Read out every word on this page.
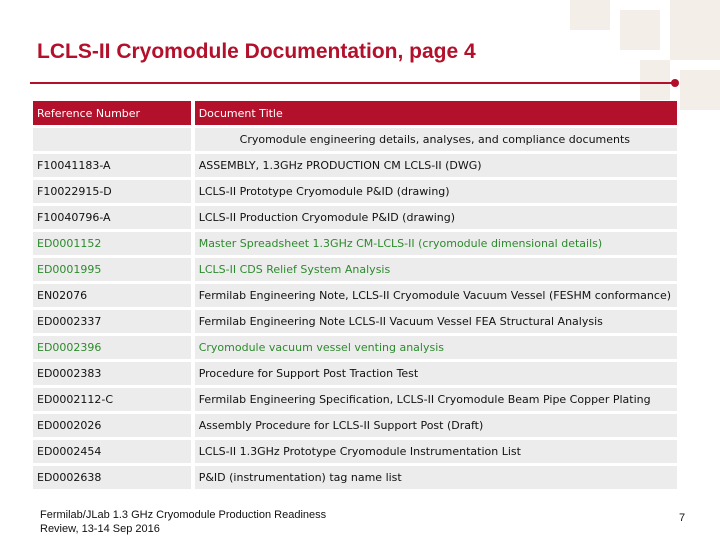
LCLS-II Cryomodule Documentation, page 4
Reference Number		Document Title
		Cryomodule engineering details, analyses, and compliance documents
F10041183-A		ASSEMBLY, 1.3GHz PRODUCTION CM LCLS-II (DWG)
F10022915-D		LCLS-II Prototype Cryomodule P&ID (drawing)
F10040796-A		LCLS-II Production Cryomodule P&ID (drawing)
ED0001152		Master Spreadsheet 1.3GHz CM-LCLS-II (cryomodule dimensional details)
ED0001995		LCLS-II CDS Relief System Analysis
EN02076		Fermilab Engineering Note, LCLS-II Cryomodule Vacuum Vessel (FESHM conformance)
ED0002337		Fermilab Engineering Note LCLS-II Vacuum Vessel FEA Structural Analysis
ED0002396		Cryomodule vacuum vessel venting analysis
ED0002383		Procedure for Support Post Traction Test
ED0002112-C		Fermilab Engineering Specification, LCLS-II Cryomodule Beam Pipe Copper Plating
ED0002026		Assembly Procedure for LCLS-II Support Post (Draft)
ED0002454		LCLS-II 1.3GHz Prototype Cryomodule Instrumentation List
ED0002638		P&ID (instrumentation) tag name list
Fermilab/JLab 1.3 GHz Cryomodule Production Readiness
Review, 13-14 Sep 2016
7
